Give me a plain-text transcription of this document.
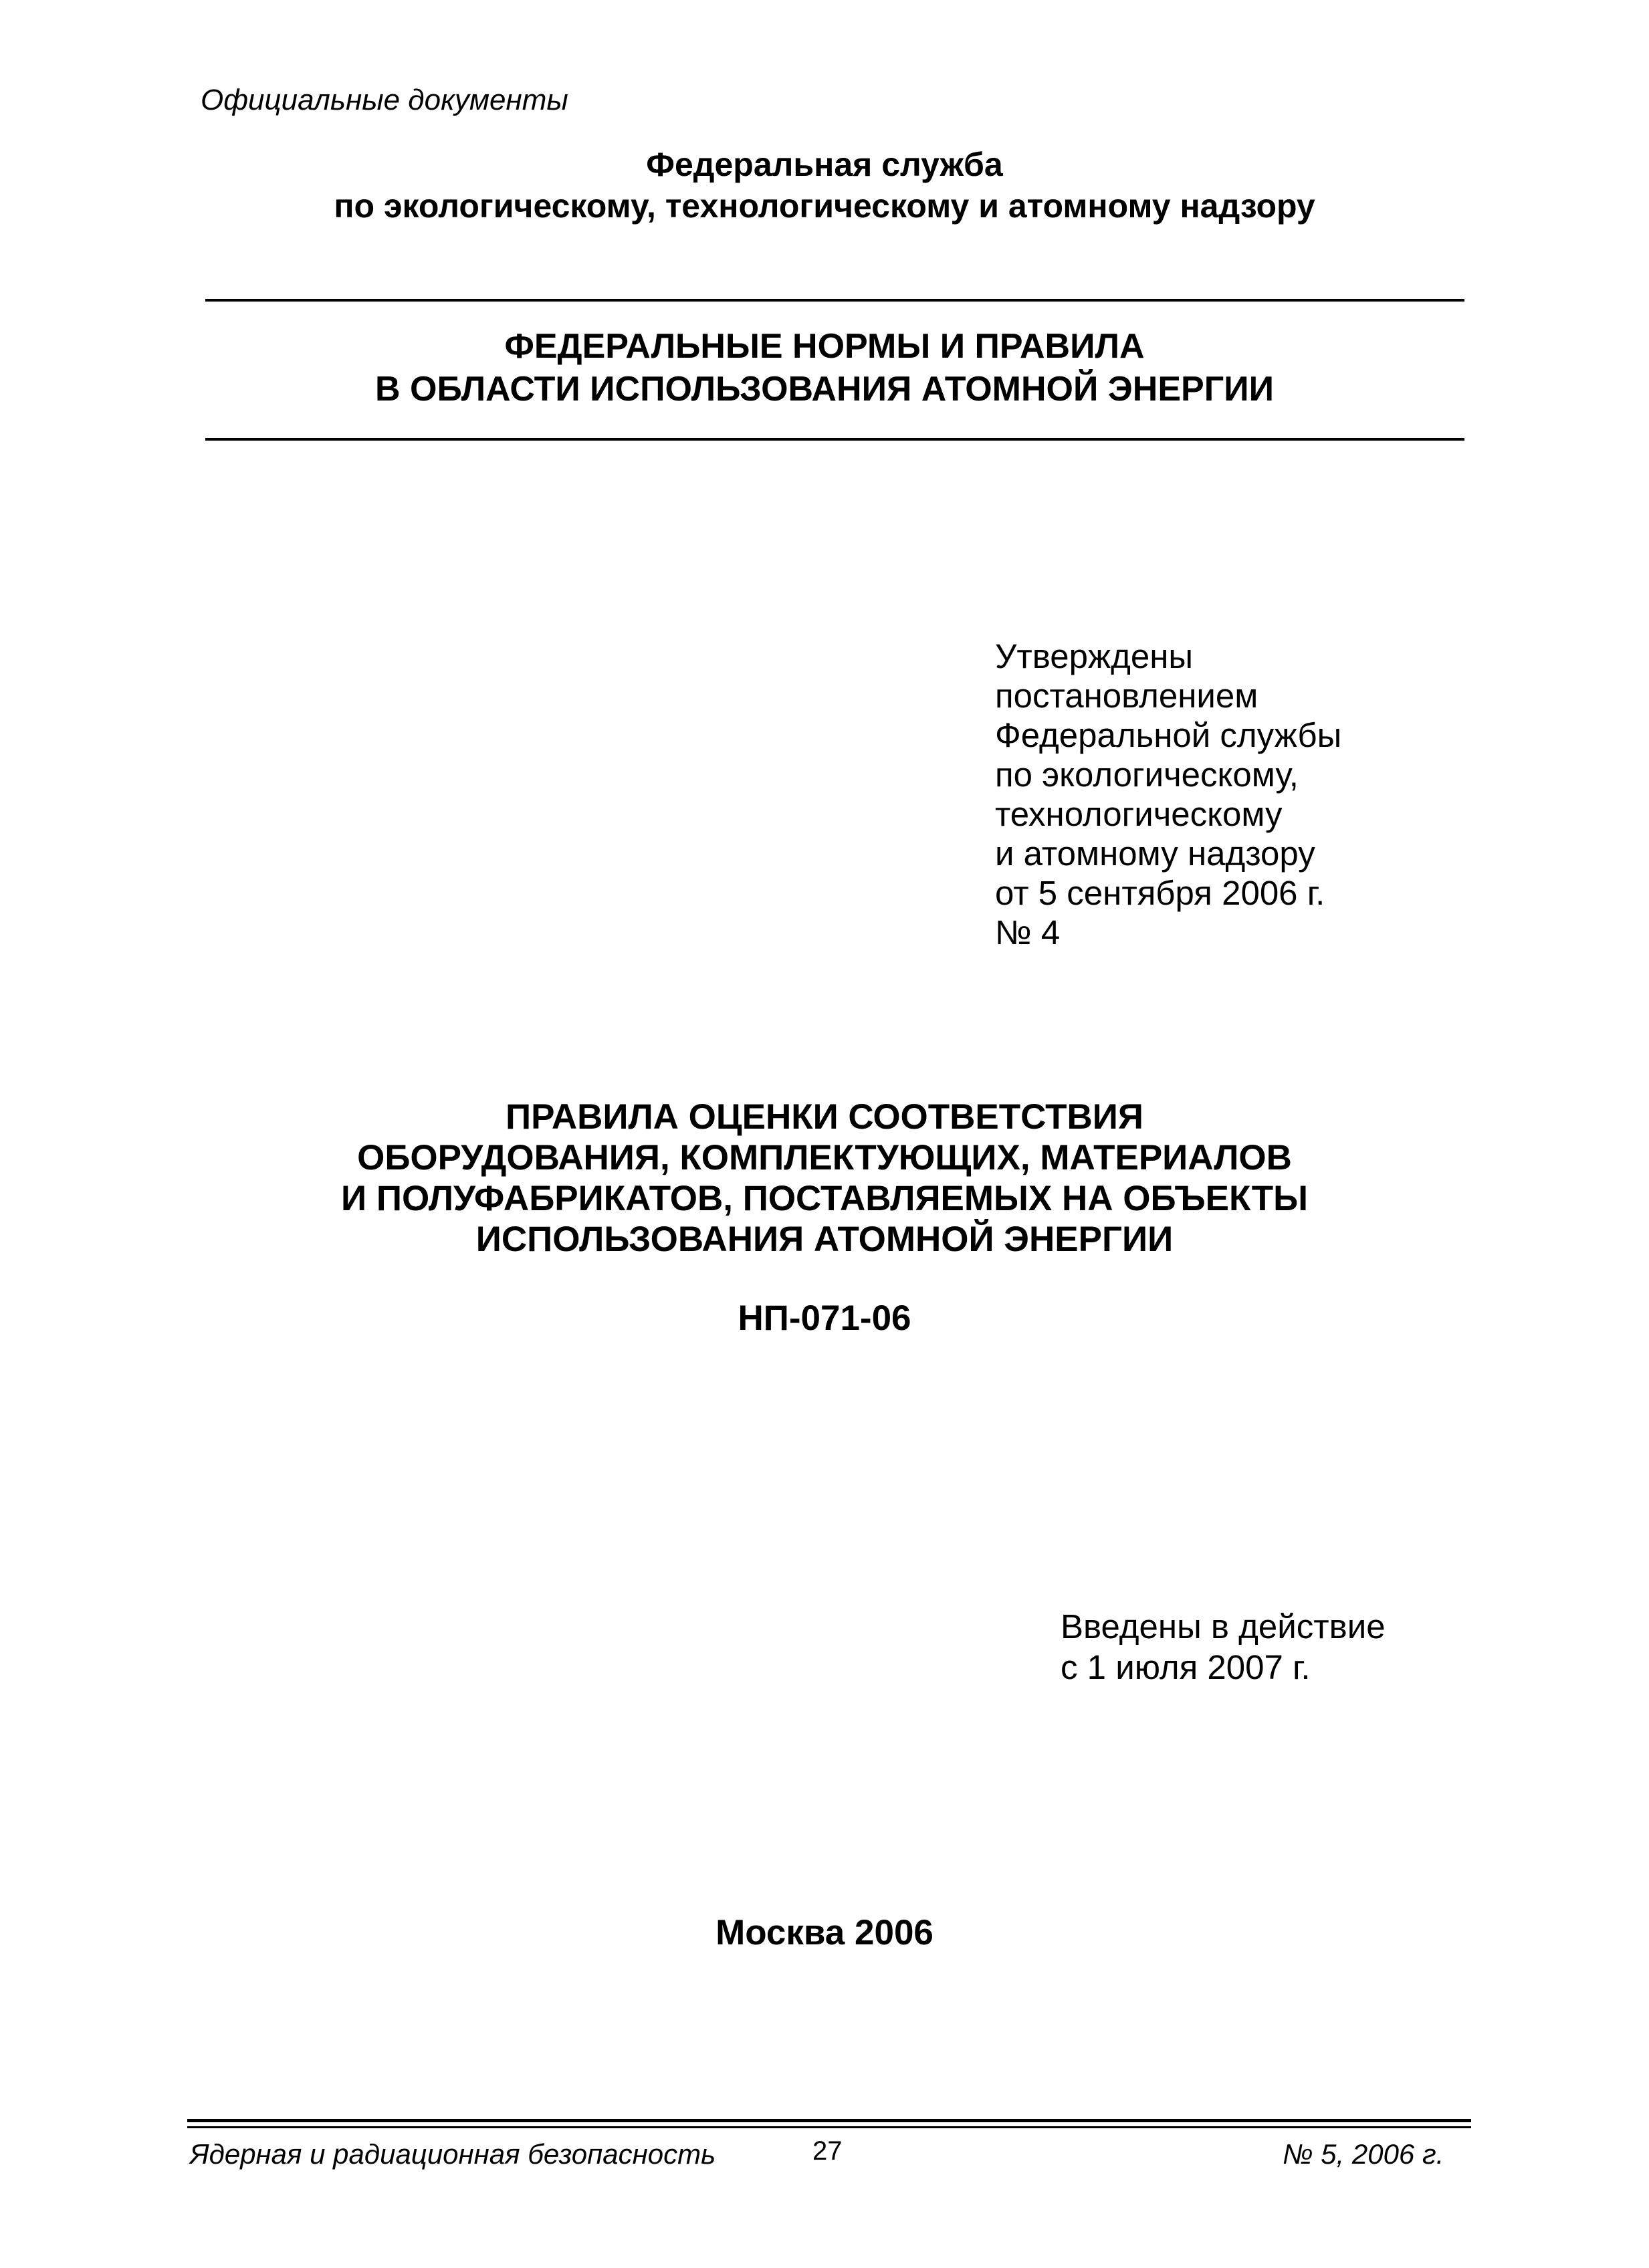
Официальные документы
Федеральная служба
по экологическому, технологическому и атомному надзору
ФЕДЕРАЛЬНЫЕ НОРМЫ И ПРАВИЛА
В ОБЛАСТИ ИСПОЛЬЗОВАНИЯ АТОМНОЙ ЭНЕРГИИ
Утверждены
постановлением
Федеральной службы
по экологическому,
технологическому
и атомному надзору
от 5 сентября 2006 г.
№ 4
ПРАВИЛА ОЦЕНКИ СООТВЕТСТВИЯ
ОБОРУДОВАНИЯ, КОМПЛЕКТУЮЩИХ, МАТЕРИАЛОВ
И ПОЛУФАБРИКАТОВ, ПОСТАВЛЯЕМЫХ НА ОБЪЕКТЫ
ИСПОЛЬЗОВАНИЯ АТОМНОЙ ЭНЕРГИИ
НП-071-06
Введены в действие
с 1 июля 2007 г.
Москва 2006
Ядерная и радиационная безопасность	27	№ 5, 2006 г.
